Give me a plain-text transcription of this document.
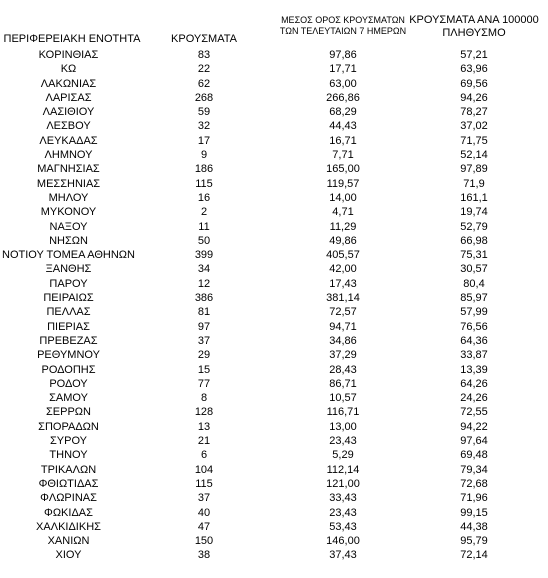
ΠΕΡΙΦΕΡΕΙΑΚΗ ΕΝΟΤΗΤΑ	ΚΡΟΥΣΜΑΤΑ
ΜΕΣΟΣ ΟΡΟΣ ΚΡΟΥΣΜΑΤΩΝ
ΤΩΝ ΤΕΛΕΥΤΑΙΩΝ 7 ΗΜΕΡΩΝ
ΚΡΟΥΣΜΑΤΑ ΑΝΑ 100000
ΠΛΗΘΥΣΜΟ
ΚΟΡΙΝΘΙΑΣ	83	97,86	57,21
ΚΩ	22	17,71	63,96
ΛΑΚΩΝΙΑΣ	62	63,00	69,56
ΛΑΡΙΣΑΣ	268	266,86	94,26
ΛΑΣΙΘΙΟΥ	59	68,29	78,27
ΛΕΣΒΟΥ	32	44,43	37,02
ΛΕΥΚΑΔΑΣ	17	16,71	71,75
ΛΗΜΝΟΥ	9	7,71	52,14
ΜΑΓΝΗΣΙΑΣ	186	165,00	97,89
ΜΕΣΣΗΝΙΑΣ	115	119,57	71,9
ΜΗΛΟΥ	16	14,00	161,1
ΜΥΚΟΝΟΥ	2	4,71	19,74
ΝΑΞΟΥ	11	11,29	52,79
ΝΗΣΩΝ	50	49,86	66,98
ΝΟΤΙΟΥ ΤΟΜΕΑ ΑΘΗΝΩΝ	399	405,57	75,31
ΞΑΝΘΗΣ	34	42,00	30,57
ΠΑΡΟΥ	12	17,43	80,4
ΠΕΙΡΑΙΩΣ	386	381,14	85,97
ΠΕΛΛΑΣ	81	72,57	57,99
ΠΙΕΡΙΑΣ	97	94,71	76,56
ΠΡΕΒΕΖΑΣ	37	34,86	64,36
ΡΕΘΥΜΝΟΥ	29	37,29	33,87
ΡΟΔΟΠΗΣ	15	28,43	13,39
ΡΟΔΟΥ	77	86,71	64,26
ΣΑΜΟΥ	8	10,57	24,26
ΣΕΡΡΩΝ	128	116,71	72,55
ΣΠΟΡΑΔΩΝ	13	13,00	94,22
ΣΥΡΟΥ	21	23,43	97,64
ΤΗΝΟΥ	6	5,29	69,48
ΤΡΙΚΑΛΩΝ	104	112,14	79,34
ΦΘΙΩΤΙΔΑΣ	115	121,00	72,68
ΦΛΩΡΙΝΑΣ	37	33,43	71,96
ΦΩΚΙΔΑΣ	40	23,43	99,15
ΧΑΛΚΙΔΙΚΗΣ	47	53,43	44,38
ΧΑΝΙΩΝ	150	146,00	95,79
ΧΙΟΥ	38	37,43	72,14
